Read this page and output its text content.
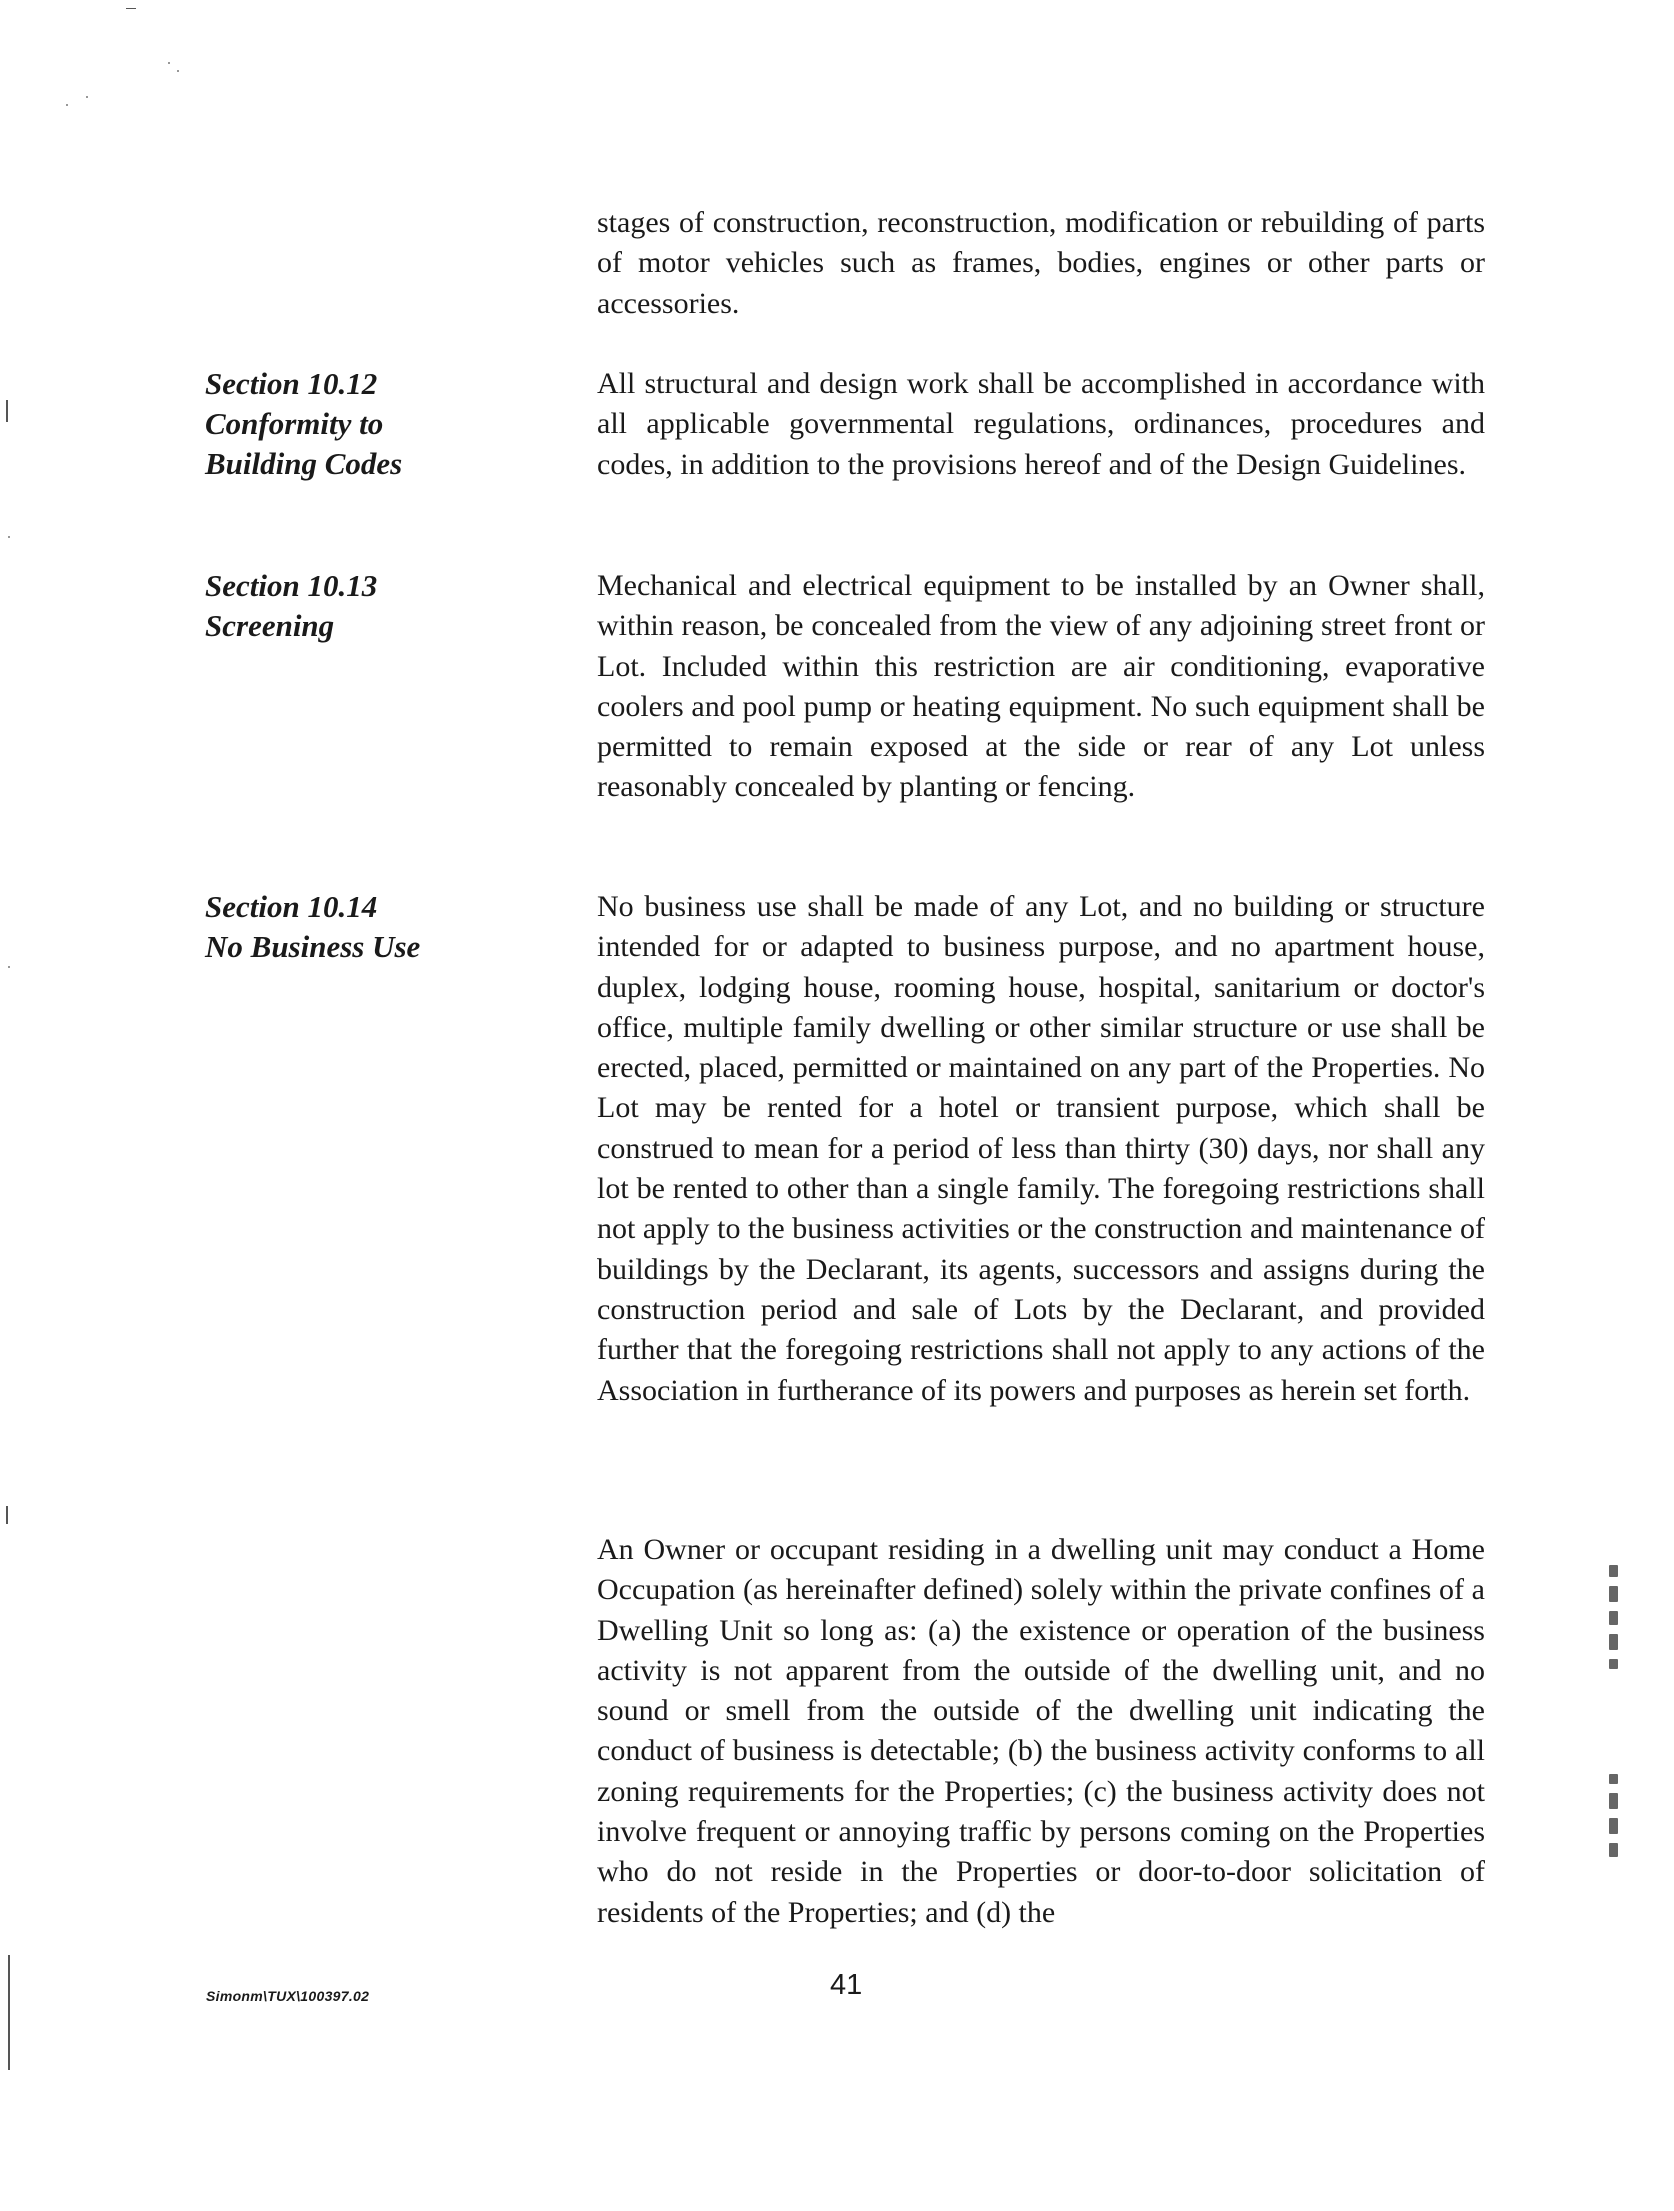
stages of construction, reconstruction, modification or rebuilding of parts of motor vehicles such as frames, bodies, engines or other parts or accessories.

Section 10.12
Conformity to
Building Codes

All structural and design work shall be accomplished in accordance with all applicable governmental regulations, ordinances, procedures and codes, in addition to the provisions hereof and of the Design Guidelines.

Section 10.13
Screening

Mechanical and electrical equipment to be installed by an Owner shall, within reason, be concealed from the view of any adjoining street front or Lot. Included within this restriction are air conditioning, evaporative coolers and pool pump or heating equipment. No such equipment shall be permitted to remain exposed at the side or rear of any Lot unless reasonably concealed by planting or fencing.

Section 10.14
No Business Use

No business use shall be made of any Lot, and no building or structure intended for or adapted to business purpose, and no apartment house, duplex, lodging house, rooming house, hospital, sanitarium or doctor's office, multiple family dwelling or other similar structure or use shall be erected, placed, permitted or maintained on any part of the Properties. No Lot may be rented for a hotel or transient purpose, which shall be construed to mean for a period of less than thirty (30) days, nor shall any lot be rented to other than a single family. The foregoing restrictions shall not apply to the business activities or the construction and maintenance of buildings by the Declarant, its agents, successors and assigns during the construction period and sale of Lots by the Declarant, and provided further that the foregoing restrictions shall not apply to any actions of the Association in furtherance of its powers and purposes as herein set forth.

An Owner or occupant residing in a dwelling unit may conduct a Home Occupation (as hereinafter defined) solely within the private confines of a Dwelling Unit so long as: (a) the existence or operation of the business activity is not apparent from the outside of the dwelling unit, and no sound or smell from the outside of the dwelling unit indicating the conduct of business is detectable; (b) the business activity conforms to all zoning requirements for the Properties; (c) the business activity does not involve frequent or annoying traffic by persons coming on the Properties who do not reside in the Properties or door-to-door solicitation of residents of the Properties; and (d) the

Simonm\TUX\100397.02	41
